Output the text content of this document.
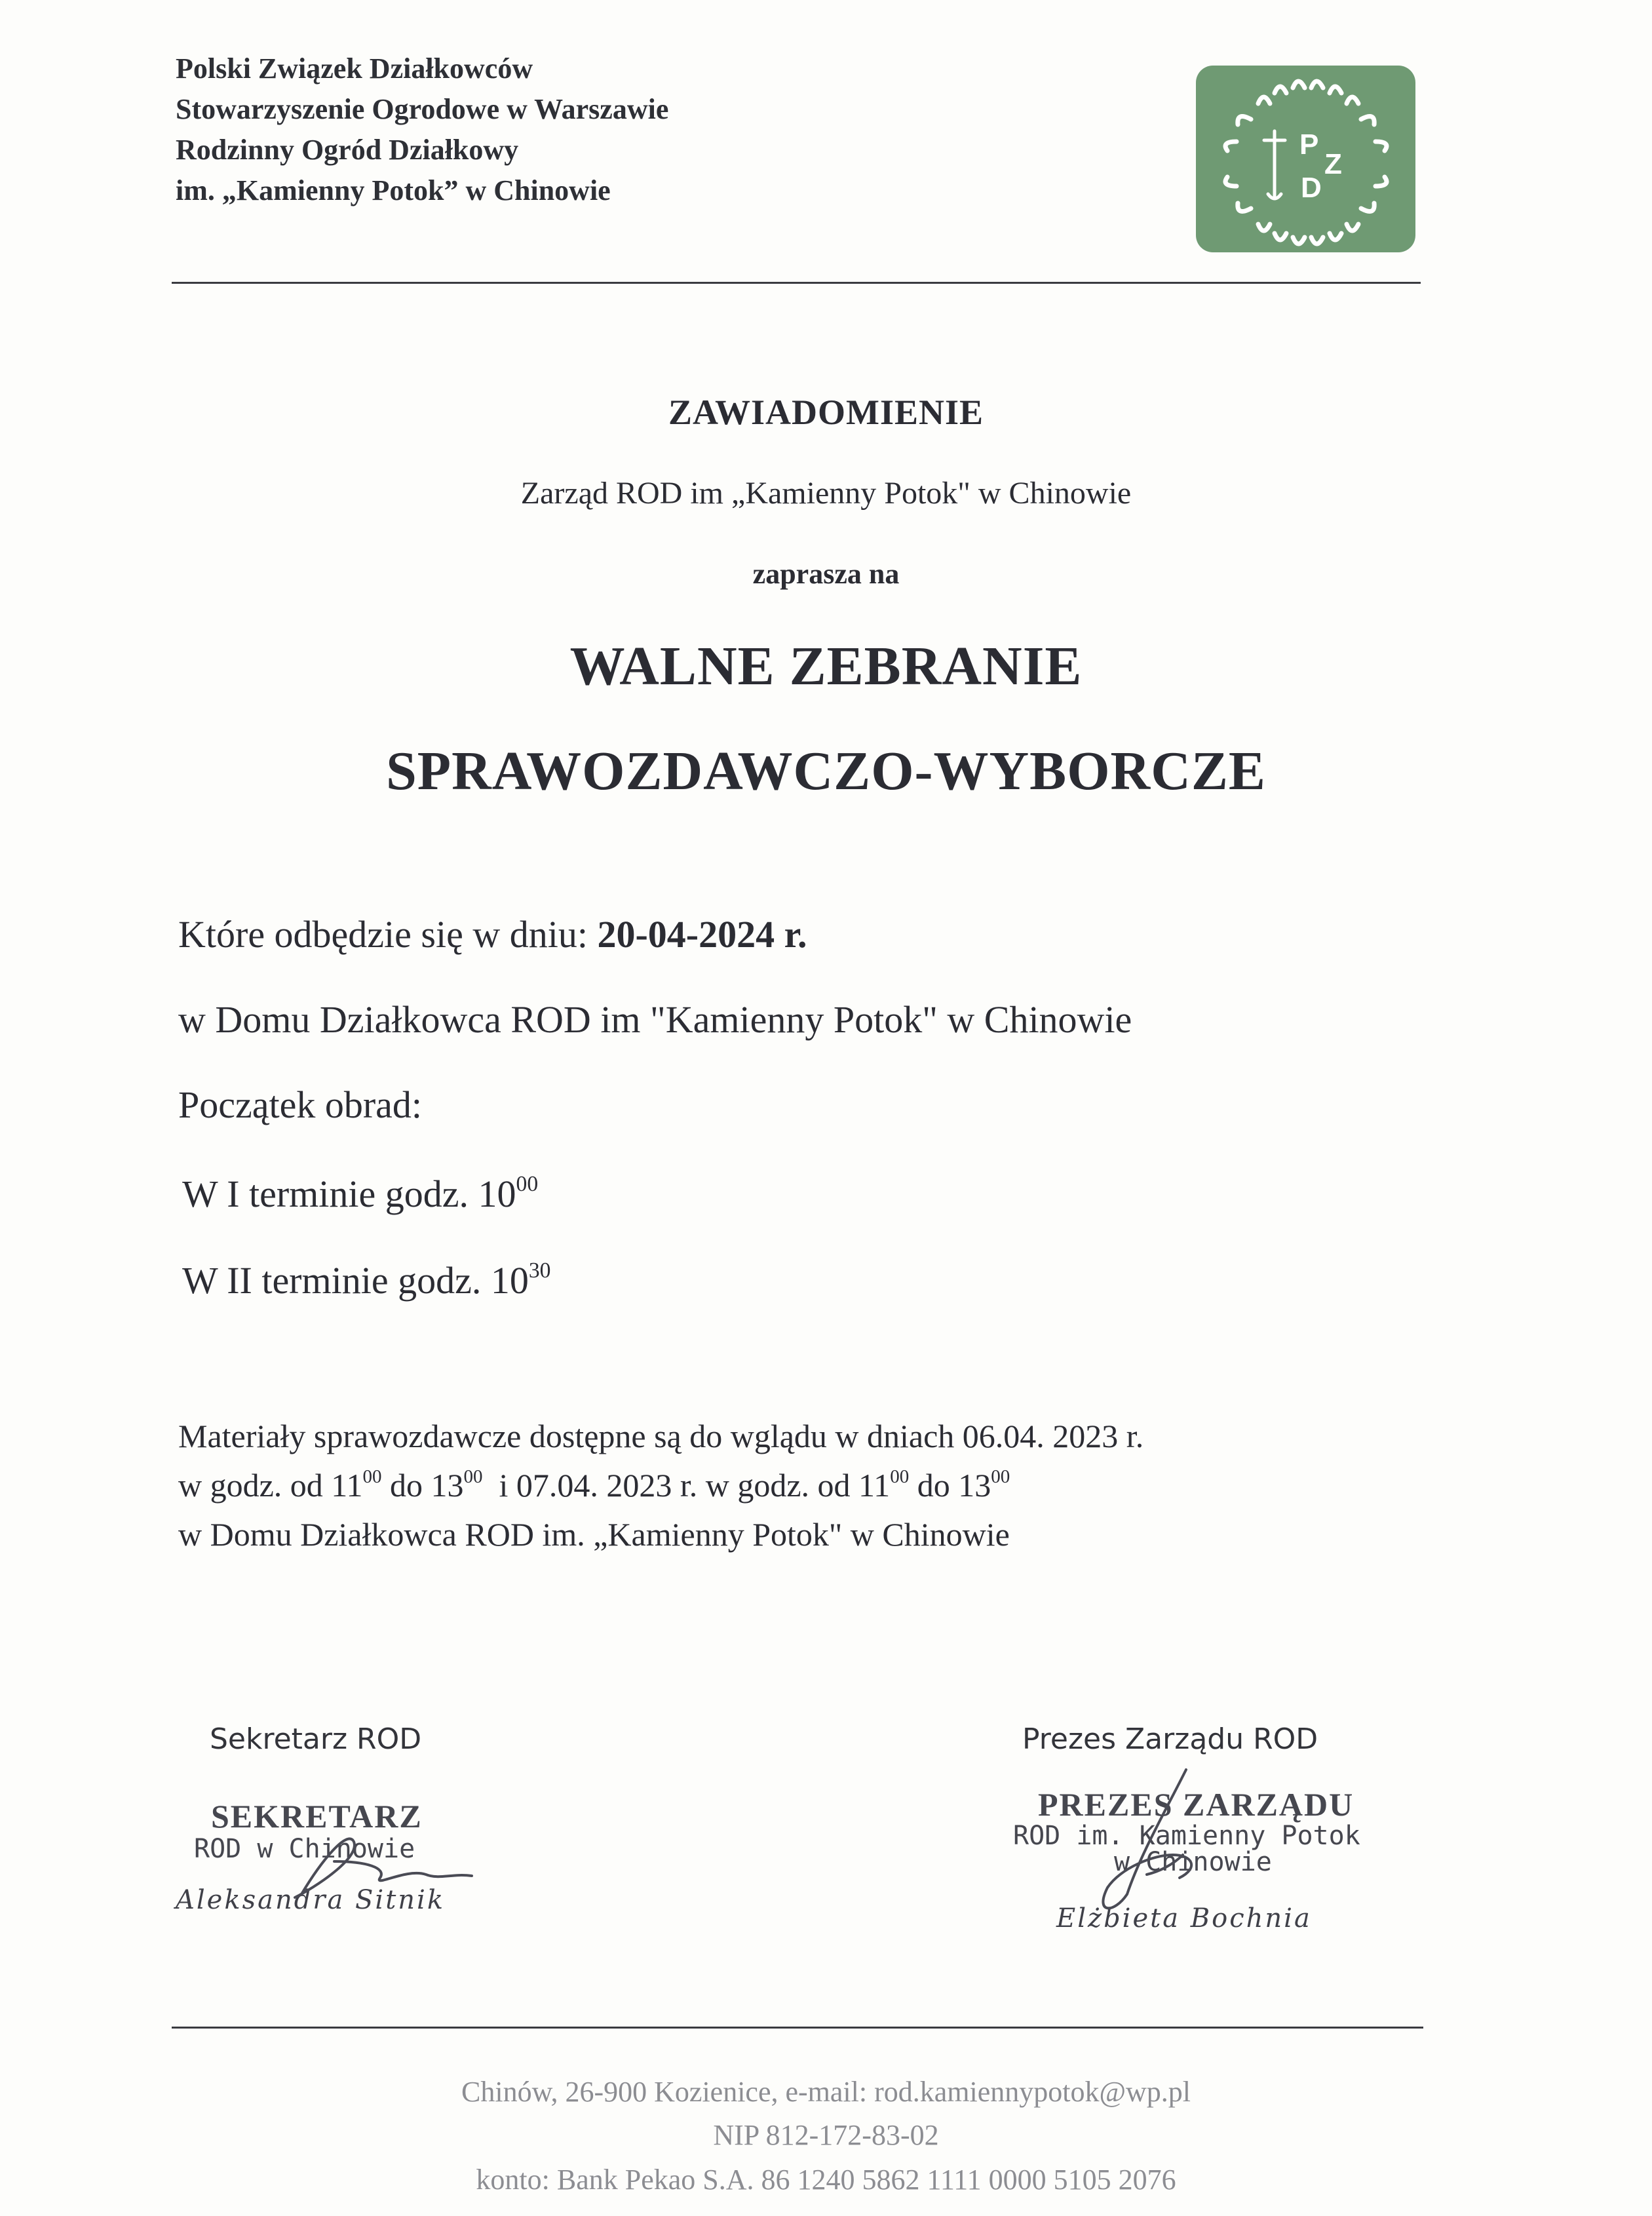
Polski Związek Działkowców
Stowarzyszenie Ogrodowe w Warszawie
Rodzinny Ogród Działkowy
im. „Kamienny Potok” w Chinowie
P
Z
D
ZAWIADOMIENIE
Zarząd ROD im „Kamienny Potok" w Chinowie
zaprasza na
WALNE ZEBRANIE
SPRAWOZDAWCZO-WYBORCZE
Które odbędzie się w dniu: 20-04-2024 r.
w Domu Działkowca ROD im "Kamienny Potok" w Chinowie
Początek obrad:
W I terminie godz. $10^{00}$
W II terminie godz. $10^{30}$
Materiały sprawozdawcze dostępne są do wglądu w dniach 06.04. 2023 r.
w godz. od $11^{00}$ do $13^{00}$  i 07.04. 2023 r. w godz. od $11^{00}$ do $13^{00}$
w Domu Działkowca ROD im. „Kamienny Potok" w Chinowie
Sekretarz ROD	Prezes Zarządu ROD
SEKRETARZ
ROD w Chinowie
Aleksandra Sitnik
PREZES ZARZĄDU
ROD im. Kamienny Potok
w Chinowie
Elżbieta Bochnia
Chinów, 26-900 Kozienice, e-mail: rod.kamiennypotok@wp.pl
NIP 812-172-83-02
konto: Bank Pekao S.A. 86 1240 5862 1111 0000 5105 2076
